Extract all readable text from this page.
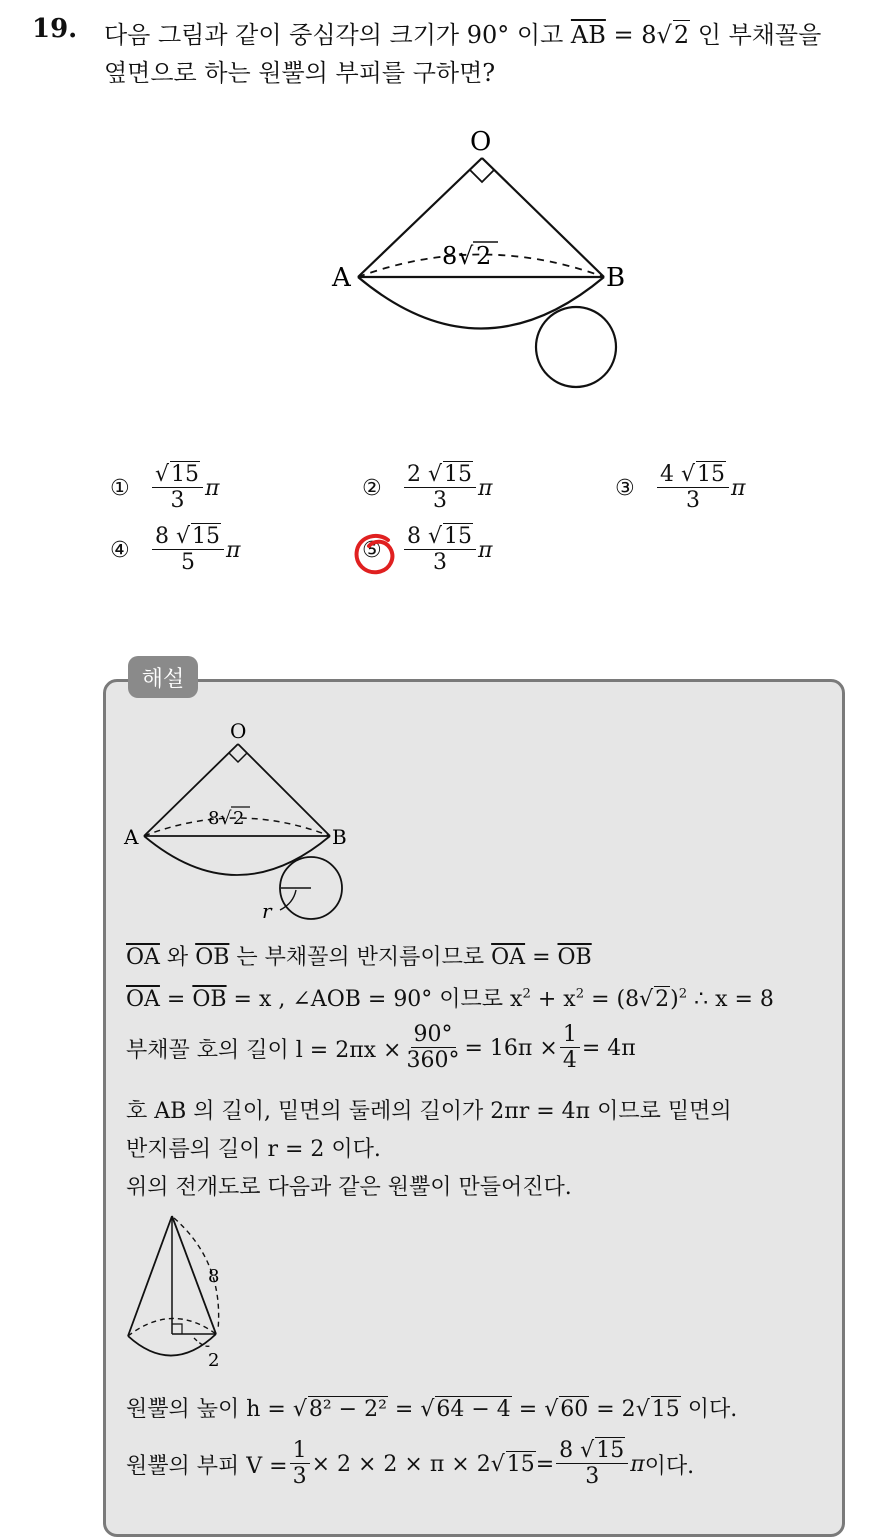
19. 다음 그림과 같이 중심각의 크기가 90° 이고 $\overline{AB} = 8√2$ 인 부채꼴을
옆면으로 하는 원뿔의 부피를 구하면?
O
A	B
8 √ 2
①	$\frac{√15}{3}$ π	②	$\frac{2 √15}{3}$ π	③	$\frac{4 √15}{3}$ π
④	$\frac{8 √15}{5}$ π	⑤	$\frac{8 √15}{3}$ π
해설
O
A	B
8 √ 2
r
$\overline{OA}$ 와 $\overline{OB}$ 는 부채꼴의 반지름이므로 $\overline{OA} = \overline{OB}$
$\overline{OA} = \overline{OB} = x$ , ∠AOB = 90° 이므로 $x^2 + x^2 = (8√2)^2$ ∴ x = 8
부채꼴 호의 길이 $l = 2\pi x \times \frac{90^\circ}{360^\circ} = 16\pi \times \frac{1}{4} = 4\pi$
호 AB 의 길이, 밑면의 둘레의 길이가 2πr = 4π 이므로 밑면의
반지름의 길이 r = 2 이다.
위의 전개도로 다음과 같은 원뿔이 만들어진다.
8
2
원뿔의 높이 h = √8² − 2² = √64 − 4 = √60 = 2√15 이다.
원뿔의 부피 $V = \frac{1}{3} \times 2 \times 2 \times \pi \times 2$ √ $15 = \frac{8 √15}{3}$ π 이다.
